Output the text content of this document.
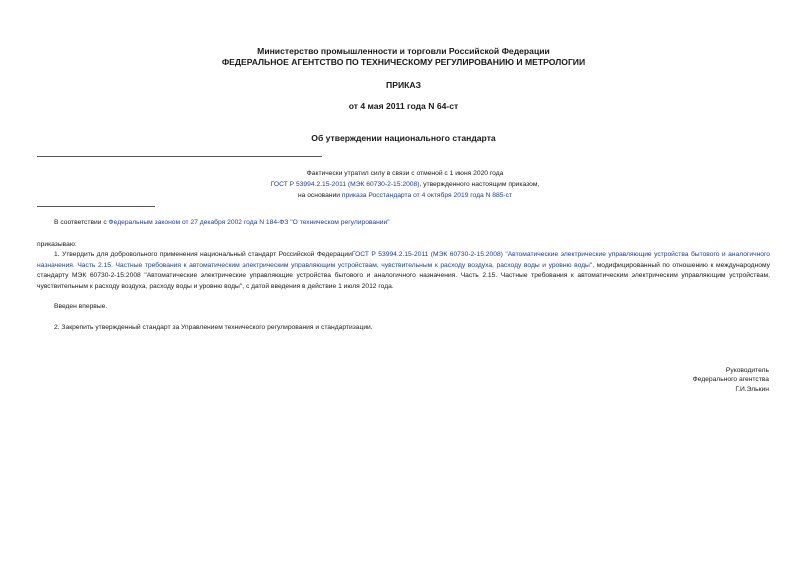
Министерство промышленности и торговли Российской Федерации
ФЕДЕРАЛЬНОЕ АГЕНТСТВО ПО ТЕХНИЧЕСКОМУ РЕГУЛИРОВАНИЮ И МЕТРОЛОГИИ
ПРИКАЗ
от 4 мая 2011 года N 64-ст
Об утверждении национального стандарта
Фактически утратил силу в связи с отменой с 1 июня 2020 года
ГОСТ Р 53994.2.15-2011 (МЭК 60730-2-15:2008), утвержденного настоящим приказом,
на основании приказа Росстандарта от 4 октября 2019 года N 885-ст
В соответствии с Федеральным законом от 27 декабря 2002 года N 184-ФЗ "О техническом регулировании"
приказываю:
1. Утвердить для добровольного применения национальный стандарт Российской ФедерацииГОСТ Р 53994.2.15-2011 (МЭК 60730-2-15:2008) "Автоматические электрические управляющие устройства бытового и аналогичного назначения. Часть 2.15. Частные требования к автоматическим электрическим управляющим устройствам, чувствительным к расходу воздуха, расходу воды и уровню воды", модифицированный по отношению к международному стандарту МЭК 60730-2-15:2008 "Автоматические электрические управляющие устройства бытового и аналогичного назначения. Часть 2.15. Частные требования к автоматическим электрическим управляющим устройствам, чувствительным к расходу воздуха, расходу воды и уровню воды", с датой введения в действие 1 июля 2012 года.
Введен впервые.
2. Закрепить утвержденный стандарт за Управлением технического регулирования и стандартизации.
Руководитель
Федерального агентства
Г.И.Элькин
